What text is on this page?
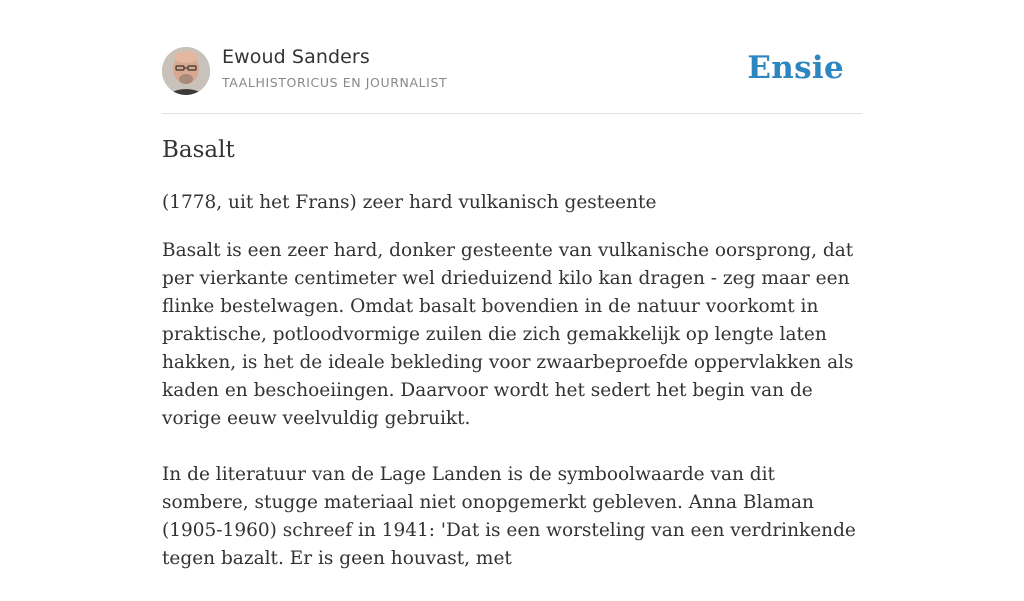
Ewoud Sanders
TAALHISTORICUS EN JOURNALIST	Ensie
Basalt
(1778, uit het Frans) zeer hard vulkanisch gesteente

Basalt is een zeer hard, donker gesteente van vulkanische oorsprong, dat per vierkante centimeter wel drieduizend kilo kan dragen - zeg maar een flinke bestelwagen. Omdat basalt bovendien in de natuur voorkomt in praktische, potloodvormige zuilen die zich gemakkelijk op lengte laten hakken, is het de ideale bekleding voor zwaarbeproefde oppervlakken als kaden en beschoeiingen. Daarvoor wordt het sedert het begin van de vorige eeuw veelvuldig gebruikt.

In de literatuur van de Lage Landen is de symboolwaarde van dit sombere, stugge materiaal niet onopgemerkt gebleven. Anna Blaman (1905-1960) schreef in 1941: 'Dat is een worsteling van een verdrinkende tegen bazalt. Er is geen houvast, met
